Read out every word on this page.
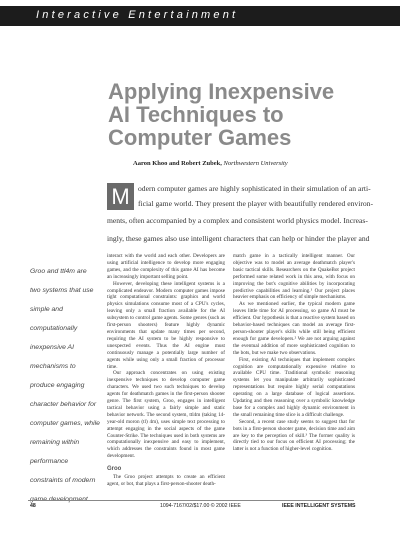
Interactive Entertainment
Applying Inexpensive
AI Techniques to
Computer Games
Aaron Khoo and Robert Zubek, Northwestern University
M	odern computer games are highly sophisticated in their simulation of an arti-
ficial game world. They present the player with beautifully rendered environ-
ments, often accompanied by a complex and consistent world physics model. Increas-
ingly, these games also use intelligent characters that can help or hinder the player and
Groo and ttl4m are
two systems that use
simple and
computationally
inexpensive AI
mechanisms to
produce engaging
character behavior for
computer games, while
remaining within
performance
constraints of modern

interact with the world and each other. Developers are using artificial intelligence to develop more engaging games, and the complexity of this game AI has become an increasingly important selling point.

However, developing these intelligent systems is a complicated endeavor. Modern computer games impose tight computational constraints: graphics and world physics simulations consume most of a CPU's cycles, leaving only a small fraction available for the AI subsystem to control game agents. Some genres (such as first-person shooters) feature highly dynamic environments that update many times per second, requiring the AI system to be highly responsive to unexpected events. Thus the AI engine must continuously manage a potentially large number of agents while using only a small fraction of processor time.

Our approach concentrates on using existing inexpensive techniques to develop computer game characters. We used two such techniques to develop agents for deathmatch games in the first-person shooter genre. The first system, Groo, engages in intelligent tactical behavior using a fairly simple and static behavior network. The second system, ttl4m (taking 14-year-old moron (tl) 4m), uses simple text processing to attempt engaging in the social aspects of the game Counter-Strike. The techniques used in both systems are computationally inexpensive and easy to implement, which addresses the constraints found in most game development.

Groo

The Groo project attempts to create an efficient agent, or bot, that plays a first-person-shooter death-

match game in a tactically intelligent manner. Our objective was to model an average deathmatch player's basic tactical skills. Researchers on the QuakeBot project performed some related work in this area, with focus on improving the bot's cognitive abilities by incorporating predictive capabilities and learning.¹ Our project places heavier emphasis on efficiency of simple mechanisms.

As we mentioned earlier, the typical modern game leaves little time for AI processing, so game AI must be efficient. Our hypothesis is that a reactive system based on behavior-based techniques can model an average first-person-shooter player's skills while still being efficient enough for game developers.² We are not arguing against the eventual addition of more sophisticated cognition to the bots, but we make two observations.

First, existing AI techniques that implement complex cognition are computationally expensive relative to available CPU time. Traditional symbolic reasoning systems let you manipulate arbitrarily sophisticated representations but require highly serial computations operating on a large database of logical assertions. Updating and then reasoning over a symbolic knowledge base for a complex and highly dynamic environment in the small remaining time slice is a difficult challenge.

Second, a recent case study seems to suggest that for bots in a first-person shooter game, decision time and aim are key to the perception of skill.³ The former quality is directly tied to our focus on efficient AI processing; the latter is not a function of higher-level cognition.

48	1094-7167/02/$17.00 © 2002 IEEE	IEEE INTELLIGENT SYSTEMS
